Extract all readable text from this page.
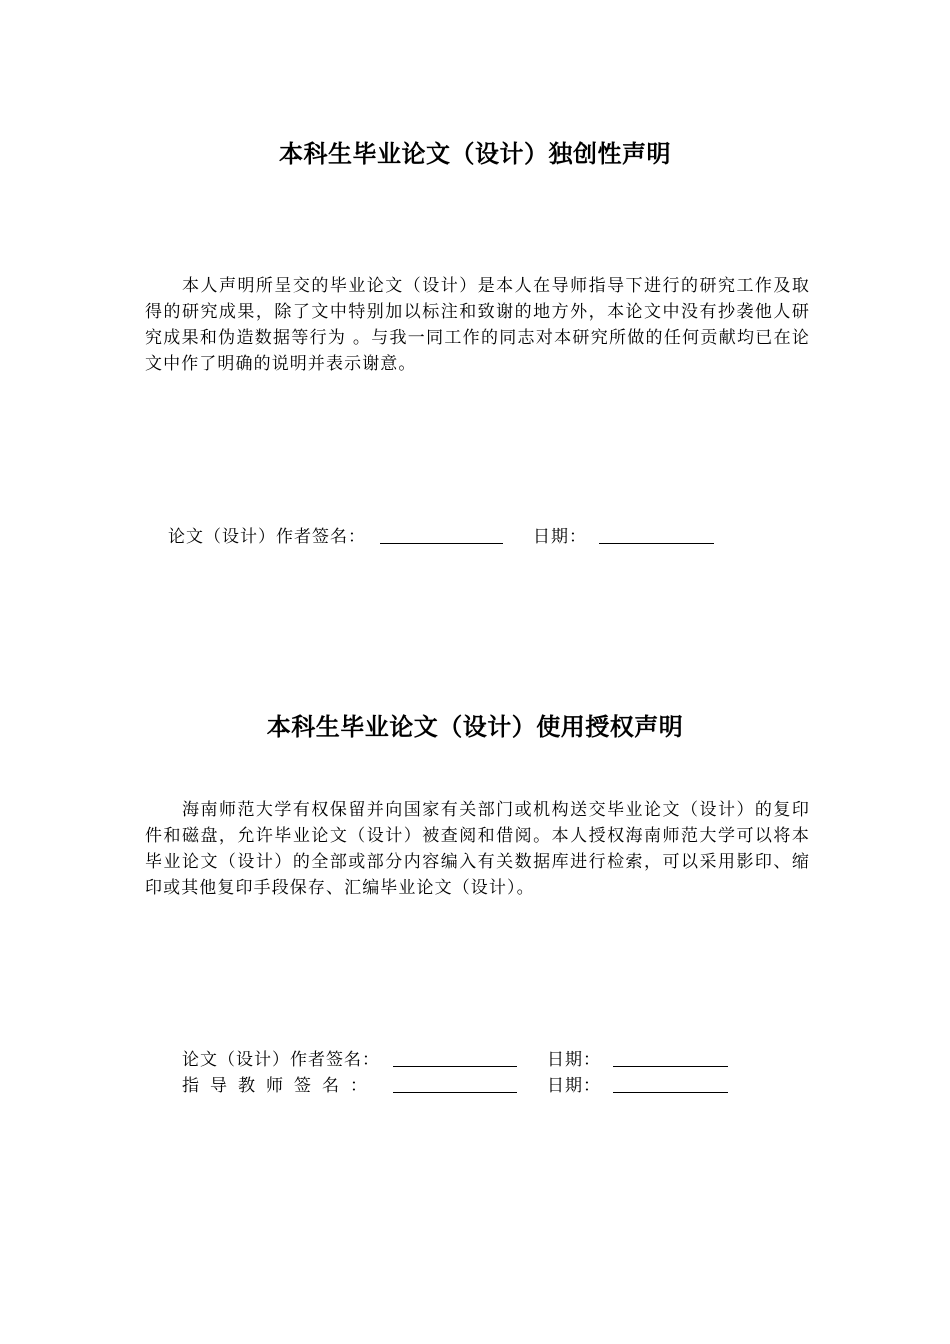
本科生毕业论文（设计）独创性声明

本人声明所呈交的毕业论文（设计）是本人在导师指导下进行的研究工作及取得的研究成果，除了文中特别加以标注和致谢的地方外，本论文中没有抄袭他人研究成果和伪造数据等行为 。与我一同工作的同志对本研究所做的任何贡献均已在论文中作了明确的说明并表示谢意。

论文（设计）作者签名：	日期：
本科生毕业论文（设计）使用授权声明

海南师范大学有权保留并向国家有关部门或机构送交毕业论文（设计）的复印件和磁盘，允许毕业论文（设计）被查阅和借阅。本人授权海南师范大学可以将本毕业论文（设计）的全部或部分内容编入有关数据库进行检索，可以采用影印、缩印或其他复印手段保存、汇编毕业论文（设计）。

论文（设计）作者签名：	日期：
指导教师签名：	日期：
